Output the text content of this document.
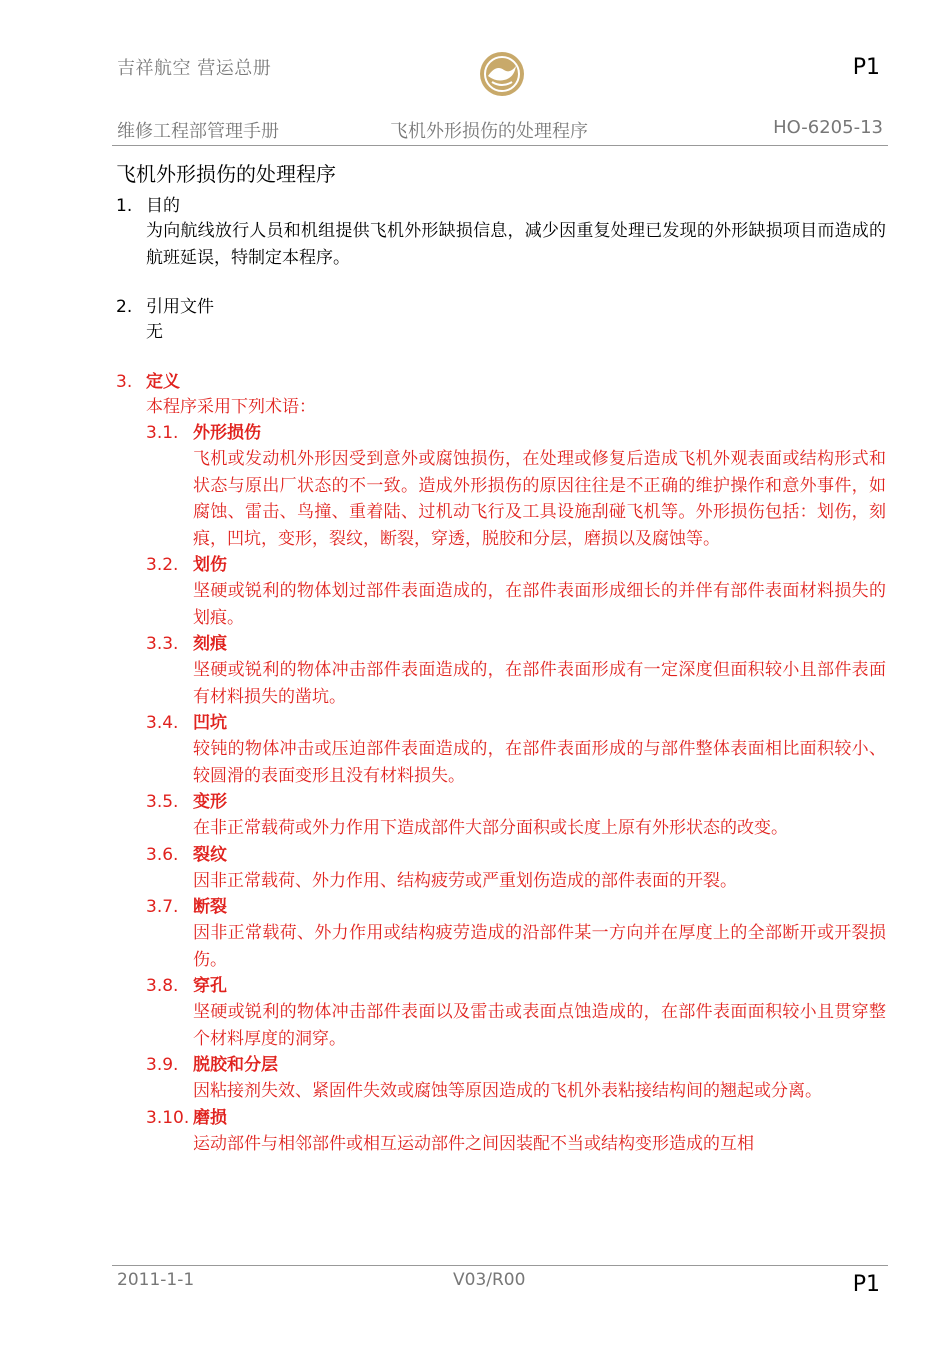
吉祥航空 营运总册	P1
维修工程部管理手册	飞机外形损伤的处理程序	HO-6205-13
飞机外形损伤的处理程序
1. 目的
为向航线放行人员和机组提供飞机外形缺损信息，减少因重复处理已发现的外形缺损项目而造成的航班延误，特制定本程序。
2. 引用文件
无
3. 定义
本程序采用下列术语：
3.1. 外形损伤
飞机或发动机外形因受到意外或腐蚀损伤，在处理或修复后造成飞机外观表面或结构形式和状态与原出厂状态的不一致。造成外形损伤的原因往往是不正确的维护操作和意外事件，如腐蚀、雷击、鸟撞、重着陆、过机动飞行及工具设施刮碰飞机等。外形损伤包括：划伤，刻痕，凹坑，变形，裂纹，断裂，穿透，脱胶和分层，磨损以及腐蚀等。
3.2. 划伤
坚硬或锐利的物体划过部件表面造成的，在部件表面形成细长的并伴有部件表面材料损失的划痕。
3.3. 刻痕
坚硬或锐利的物体冲击部件表面造成的，在部件表面形成有一定深度但面积较小且部件表面有材料损失的凿坑。
3.4. 凹坑
较钝的物体冲击或压迫部件表面造成的，在部件表面形成的与部件整体表面相比面积较小、较圆滑的表面变形且没有材料损失。
3.5. 变形
在非正常载荷或外力作用下造成部件大部分面积或长度上原有外形状态的改变。
3.6. 裂纹
因非正常载荷、外力作用、结构疲劳或严重划伤造成的部件表面的开裂。
3.7. 断裂
因非正常载荷、外力作用或结构疲劳造成的沿部件某一方向并在厚度上的全部断开或开裂损伤。
3.8. 穿孔
坚硬或锐利的物体冲击部件表面以及雷击或表面点蚀造成的，在部件表面面积较小且贯穿整个材料厚度的洞穿。
3.9. 脱胶和分层
因粘接剂失效、紧固件失效或腐蚀等原因造成的飞机外表粘接结构间的翘起或分离。
3.10. 磨损
运动部件与相邻部件或相互运动部件之间因装配不当或结构变形造成的互相
2011-1-1	V03/R00	P1
